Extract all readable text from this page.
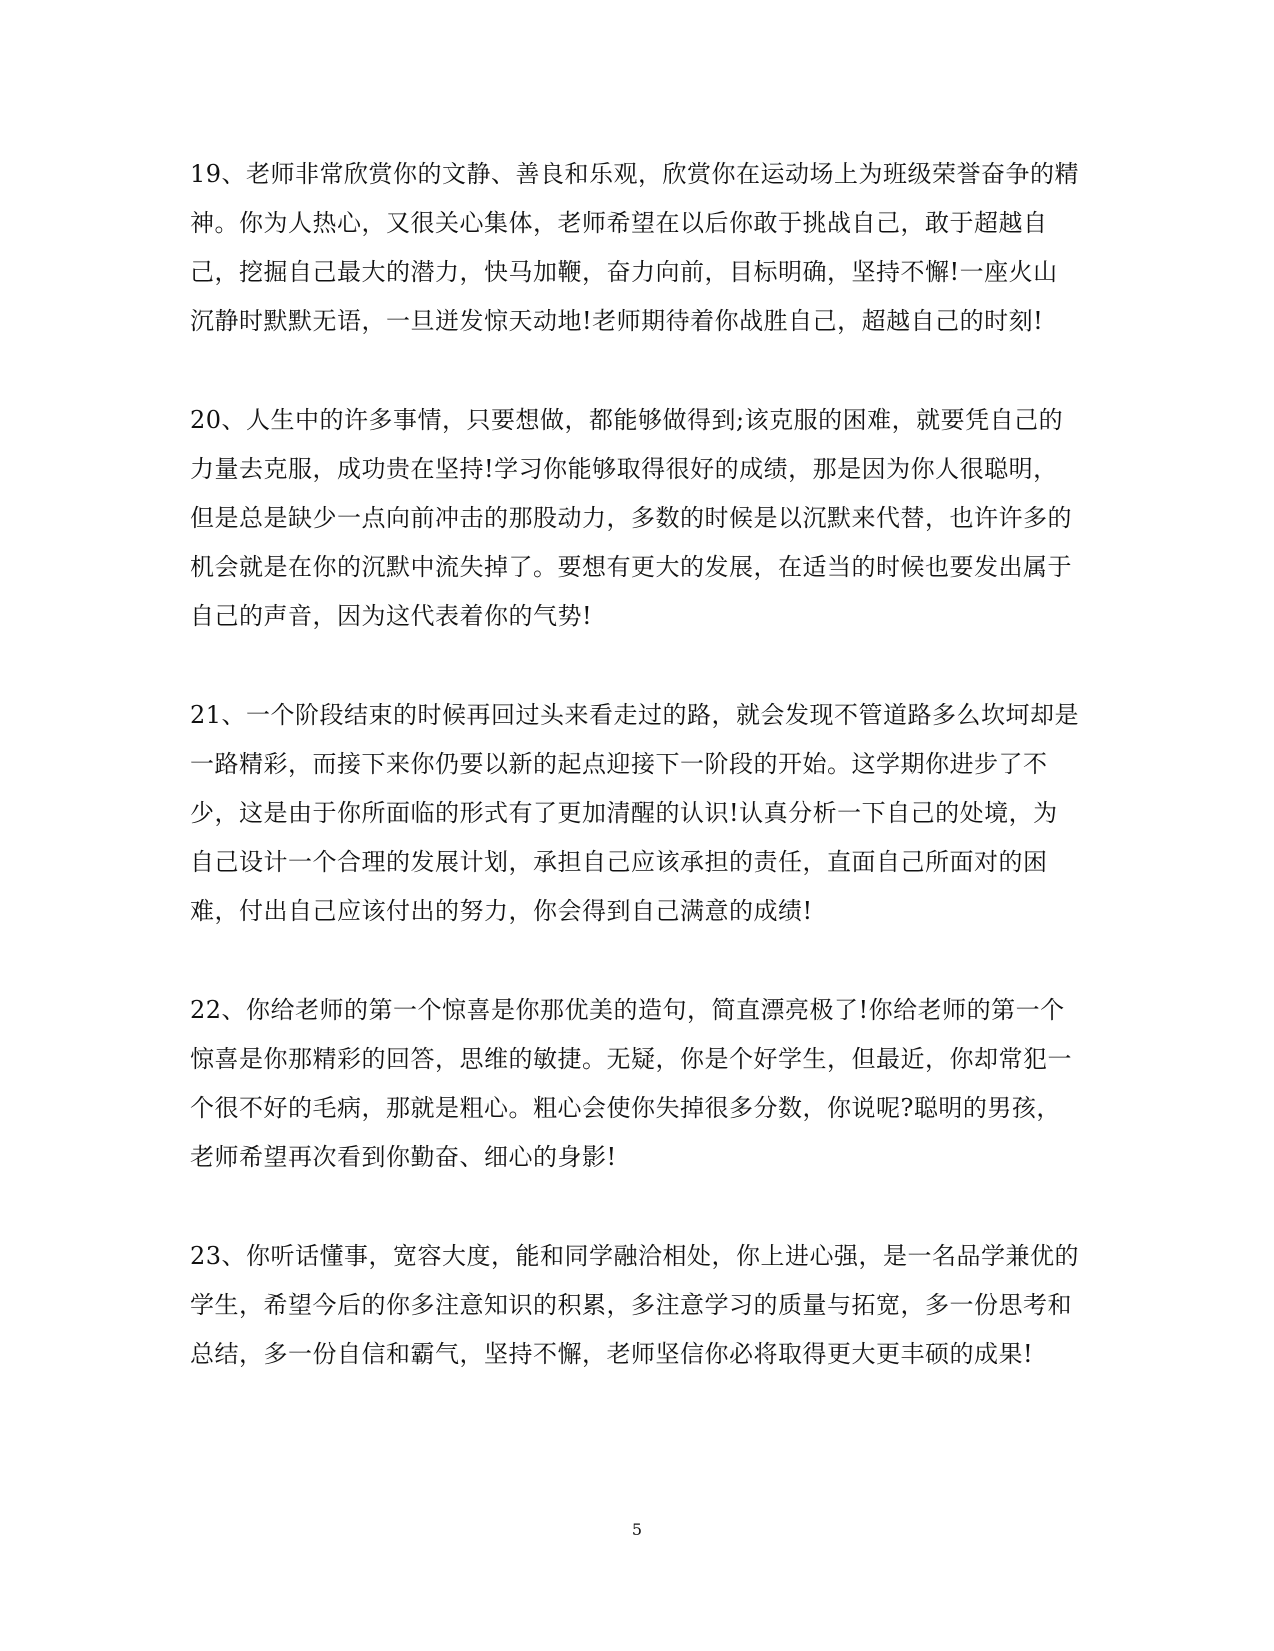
19、老师非常欣赏你的文静、善良和乐观，欣赏你在运动场上为班级荣誉奋争的精神。你为人热心，又很关心集体，老师希望在以后你敢于挑战自己，敢于超越自己，挖掘自己最大的潜力，快马加鞭，奋力向前，目标明确，坚持不懈!一座火山沉静时默默无语，一旦迸发惊天动地!老师期待着你战胜自己，超越自己的时刻!

20、人生中的许多事情，只要想做，都能够做得到;该克服的困难，就要凭自己的力量去克服，成功贵在坚持!学习你能够取得很好的成绩，那是因为你人很聪明，但是总是缺少一点向前冲击的那股动力，多数的时候是以沉默来代替，也许许多的机会就是在你的沉默中流失掉了。要想有更大的发展，在适当的时候也要发出属于自己的声音，因为这代表着你的气势!

21、一个阶段结束的时候再回过头来看走过的路，就会发现不管道路多么坎坷却是一路精彩，而接下来你仍要以新的起点迎接下一阶段的开始。这学期你进步了不少，这是由于你所面临的形式有了更加清醒的认识!认真分析一下自己的处境，为自己设计一个合理的发展计划，承担自己应该承担的责任，直面自己所面对的困难，付出自己应该付出的努力，你会得到自己满意的成绩!

22、你给老师的第一个惊喜是你那优美的造句，简直漂亮极了!你给老师的第一个惊喜是你那精彩的回答，思维的敏捷。无疑，你是个好学生，但最近，你却常犯一个很不好的毛病，那就是粗心。粗心会使你失掉很多分数，你说呢?聪明的男孩，老师希望再次看到你勤奋、细心的身影!

23、你听话懂事，宽容大度，能和同学融洽相处，你上进心强，是一名品学兼优的学生，希望今后的你多注意知识的积累，多注意学习的质量与拓宽，多一份思考和总结，多一份自信和霸气，坚持不懈，老师坚信你必将取得更大更丰硕的成果!

5
